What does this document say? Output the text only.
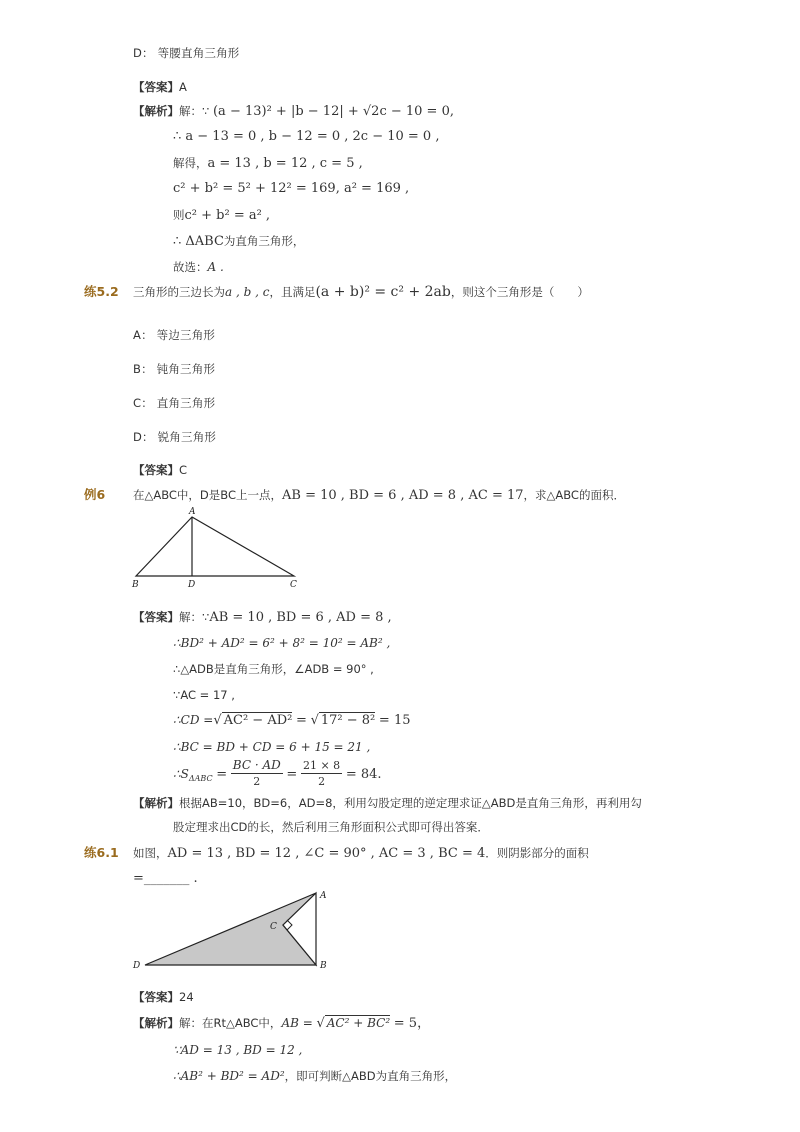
D： 等腰直角三角形
【答案】A
【解析】解：∵ (a − 13)² + |b − 12| + √2c − 10 = 0,
∴ a − 13 = 0 , b − 12 = 0 , 2c − 10 = 0 ,
解得，a = 13 , b = 12 , c = 5 ,
c² + b² = 5² + 12² = 169, a² = 169 ,
则c² + b² = a² ,
∴ ΔABC为直角三角形，
故选：A .
练5.2 三角形的三边长为a , b , c，且满足(a + b)² = c² + 2ab，则这个三角形是（　　）
A： 等边三角形
B： 钝角三角形
C： 直角三角形
D： 锐角三角形
【答案】C
例6 在△ABC中，D是BC上一点，AB = 10 , BD = 6 , AD = 8 , AC = 17，求△ABC的面积．
A
B	D	C
【答案】解：∵AB = 10 , BD = 6 , AD = 8 ,
∴BD² + AD² = 6² + 8² = 10² = AB² ,
∴△ADB是直角三角形，∠ADB = 90° ,
∵AC = 17 ,
∴CD =√ AC² − AD² = √ 17² − 8² = 15
∴BC = BD + CD = 6 + 15 = 21 ,
$\therefore S_{\Delta ABC} = \frac{BC \cdot AD}{2} = \frac{21 \times 8}{2} = 84$.
【解析】根据AB=10，BD=6，AD=8，利用勾股定理的逆定理求证△ABD是直角三角形，再利用勾
股定理求出CD的长，然后利用三角形面积公式即可得出答案．
练6.1 如图，AD = 13 , BD = 12 , ∠C = 90° , AC = 3 , BC = 4．则阴影部分的面积
=_______ .
A
C
D	B
【答案】24
【解析】解：在Rt△ABC中，AB = √ AC² + BC² = 5，
∵AD = 13 , BD = 12 ,
∴AB² + BD² = AD²，即可判断△ABD为直角三角形，
